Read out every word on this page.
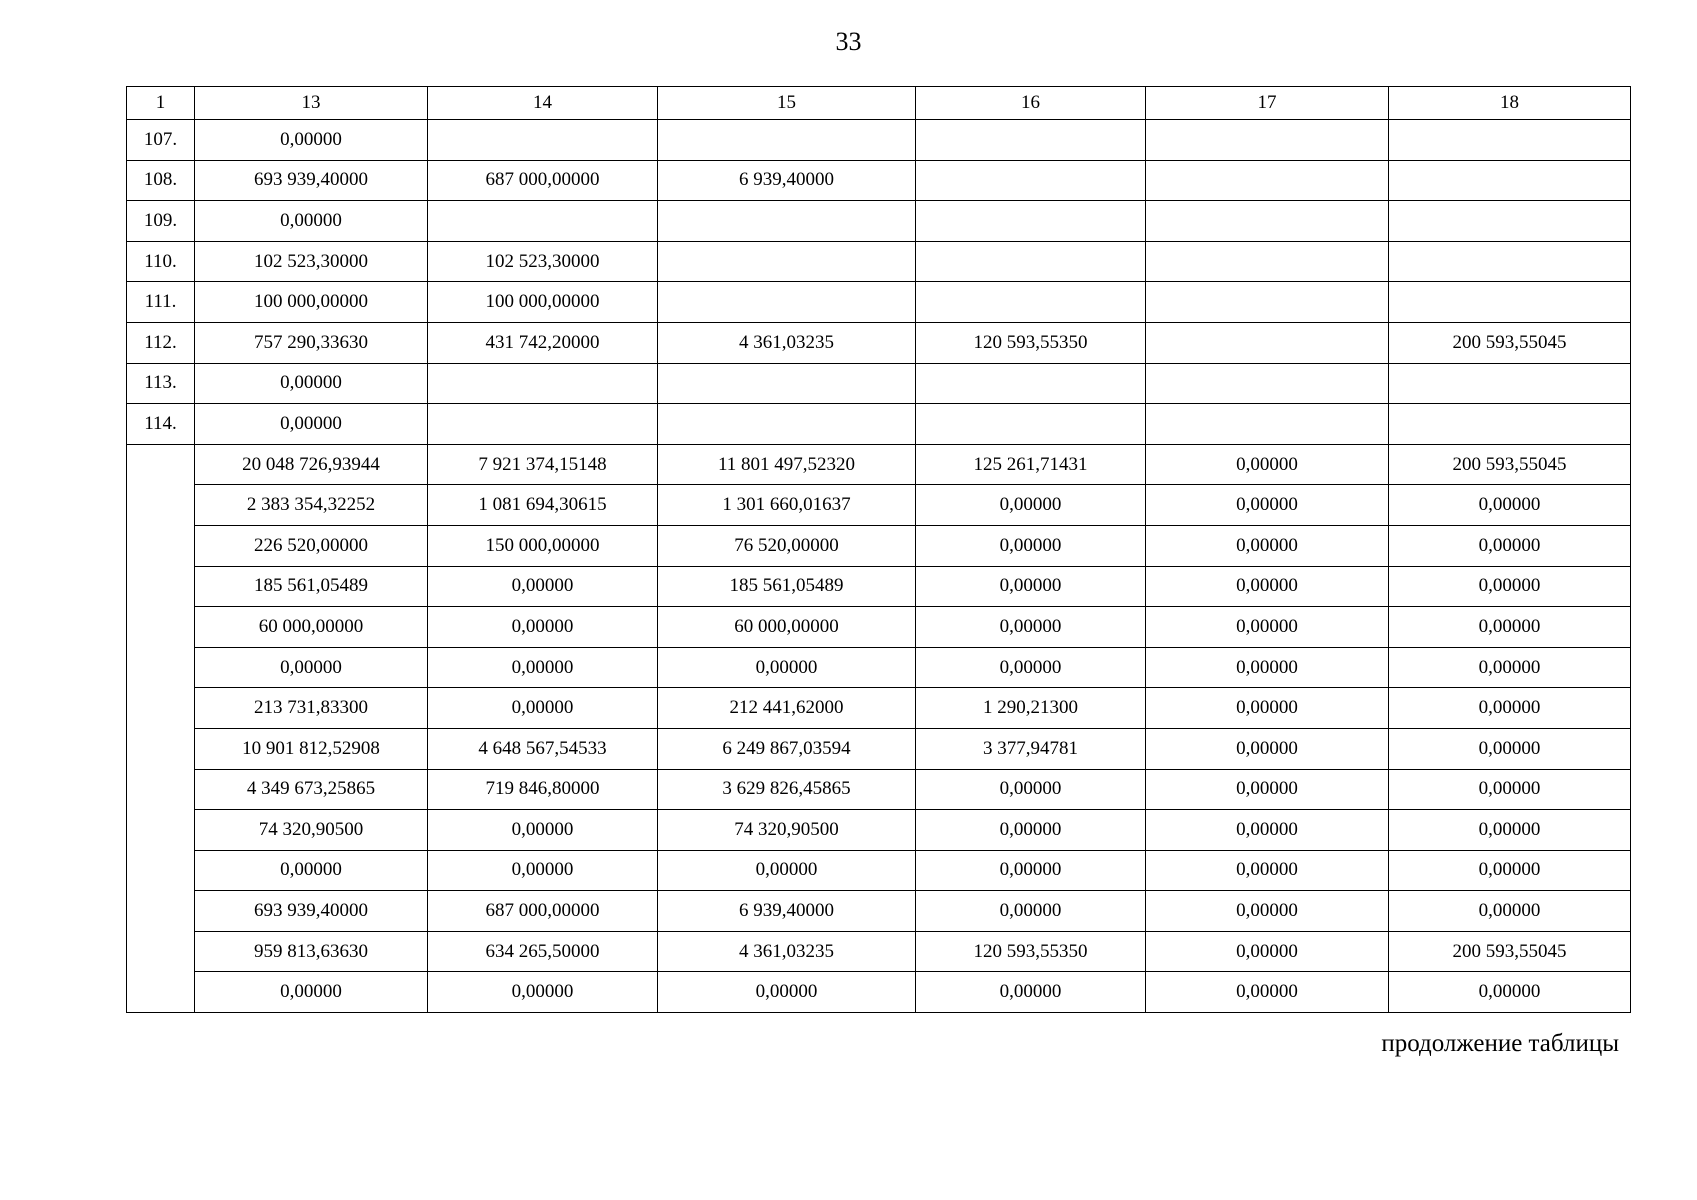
33
1	13	14	15	16	17	18
107.	0,00000					
108.	693 939,40000	687 000,00000	6 939,40000			
109.	0,00000					
110.	102 523,30000	102 523,30000				
111.	100 000,00000	100 000,00000				
112.	757 290,33630	431 742,20000	4 361,03235	120 593,55350		200 593,55045
113.	0,00000					
114.	0,00000					
	20 048 726,93944	7 921 374,15148	11 801 497,52320	125 261,71431	0,00000	200 593,55045
	2 383 354,32252	1 081 694,30615	1 301 660,01637	0,00000	0,00000	0,00000
	226 520,00000	150 000,00000	76 520,00000	0,00000	0,00000	0,00000
	185 561,05489	0,00000	185 561,05489	0,00000	0,00000	0,00000
	60 000,00000	0,00000	60 000,00000	0,00000	0,00000	0,00000
	0,00000	0,00000	0,00000	0,00000	0,00000	0,00000
	213 731,83300	0,00000	212 441,62000	1 290,21300	0,00000	0,00000
	10 901 812,52908	4 648 567,54533	6 249 867,03594	3 377,94781	0,00000	0,00000
	4 349 673,25865	719 846,80000	3 629 826,45865	0,00000	0,00000	0,00000
	74 320,90500	0,00000	74 320,90500	0,00000	0,00000	0,00000
	0,00000	0,00000	0,00000	0,00000	0,00000	0,00000
	693 939,40000	687 000,00000	6 939,40000	0,00000	0,00000	0,00000
	959 813,63630	634 265,50000	4 361,03235	120 593,55350	0,00000	200 593,55045
	0,00000	0,00000	0,00000	0,00000	0,00000	0,00000
продолжение таблицы
